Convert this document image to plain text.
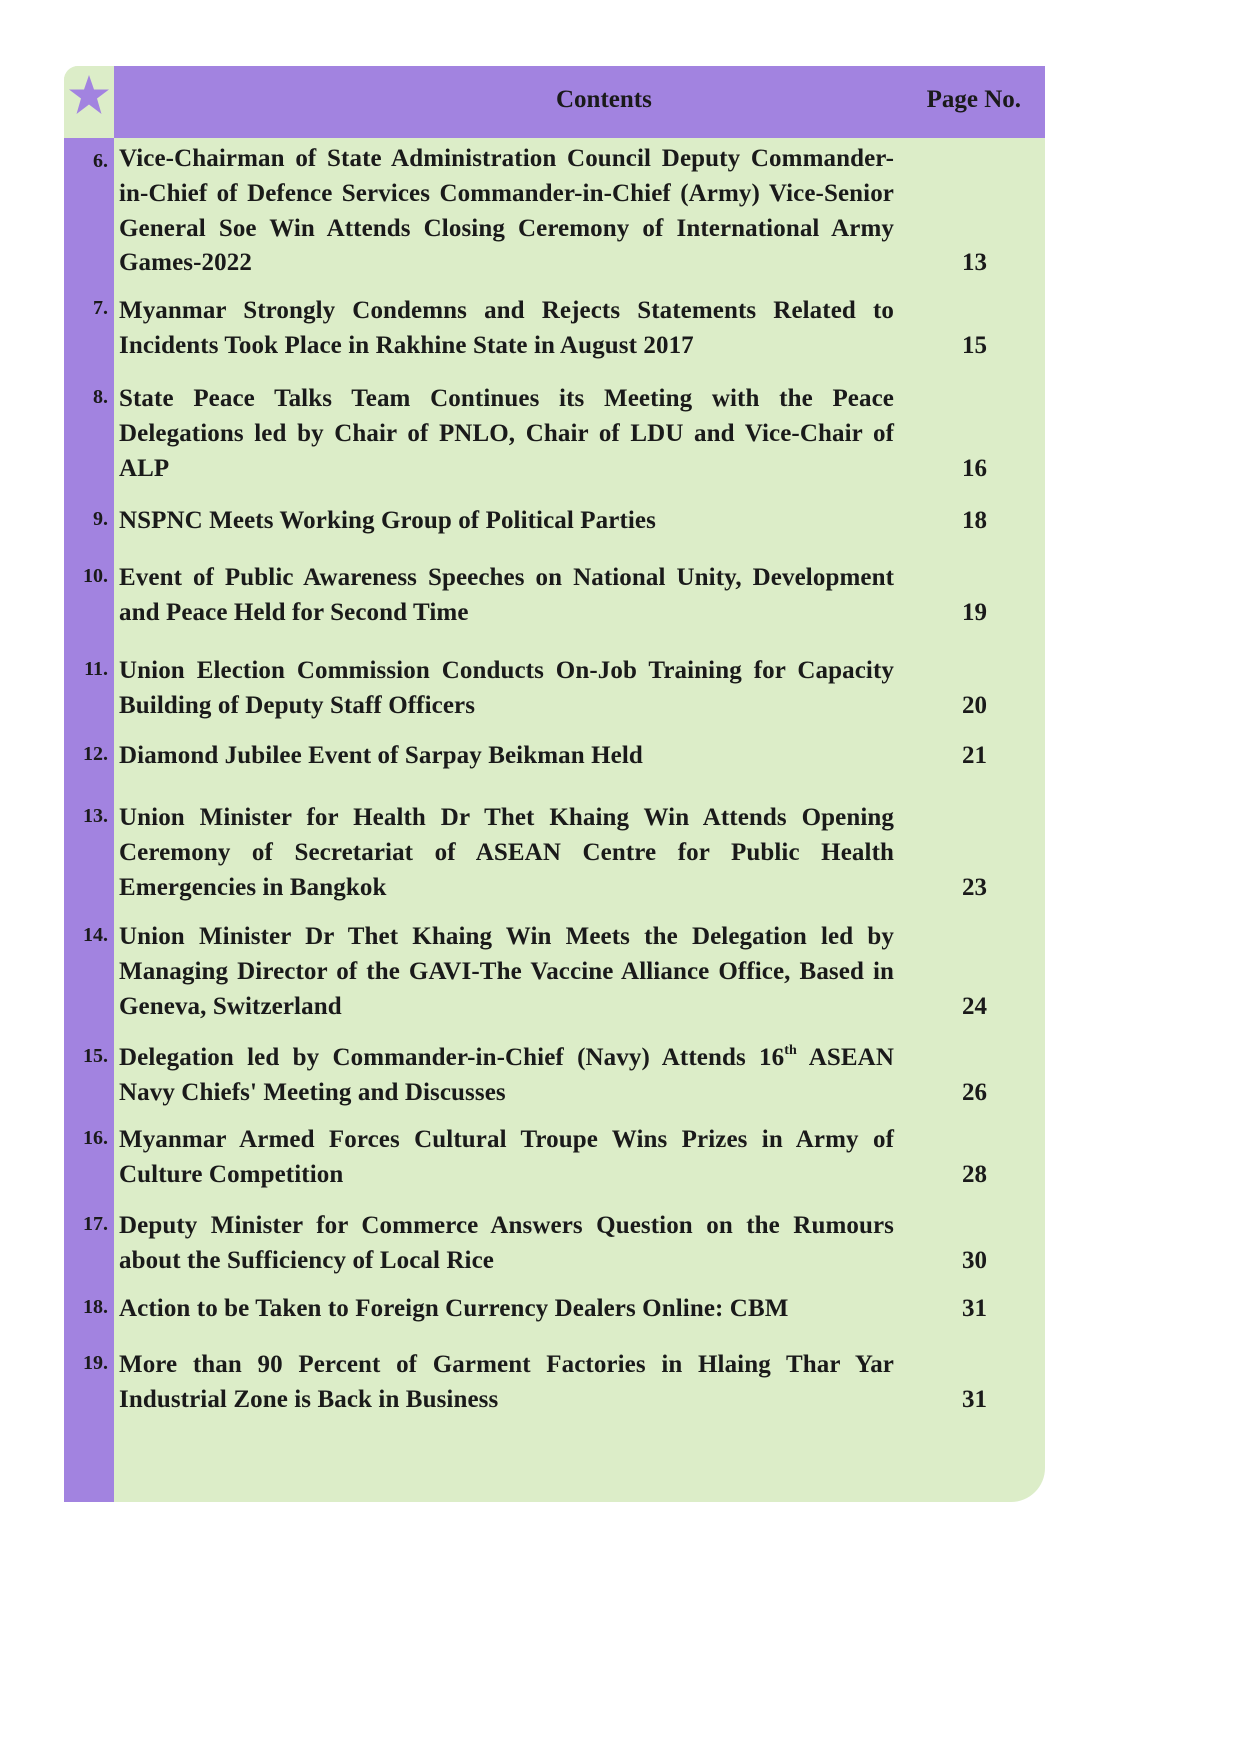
Contents	Page No.
6. Vice-Chairman of State Administration Council Deputy Commander-in-Chief of Defence Services Commander-in-Chief (Army) Vice-Senior General Soe Win Attends Closing Ceremony of International Army Games-2022	13
7. Myanmar Strongly Condemns and Rejects Statements Related to Incidents Took Place in Rakhine State in August 2017	15
8. State Peace Talks Team Continues its Meeting with the Peace Delegations led by Chair of PNLO, Chair of LDU and Vice-Chair of ALP	16
9. NSPNC Meets Working Group of Political Parties	18
10. Event of Public Awareness Speeches on National Unity, Development and Peace Held for Second Time	19
11. Union Election Commission Conducts On-Job Training for Capacity Building of Deputy Staff Officers	20
12. Diamond Jubilee Event of Sarpay Beikman Held	21
13. Union Minister for Health Dr Thet Khaing Win Attends Opening Ceremony of Secretariat of ASEAN Centre for Public Health Emergencies in Bangkok	23
14. Union Minister Dr Thet Khaing Win Meets the Delegation led by Managing Director of the GAVI-The Vaccine Alliance Office, Based in Geneva, Switzerland	24
15. Delegation led by Commander-in-Chief (Navy) Attends 16th ASEAN Navy Chiefs' Meeting and Discusses	26
16. Myanmar Armed Forces Cultural Troupe Wins Prizes in Army of Culture Competition	28
17. Deputy Minister for Commerce Answers Question on the Rumours about the Sufficiency of Local Rice	30
18. Action to be Taken to Foreign Currency Dealers Online: CBM	31
19. More than 90 Percent of Garment Factories in Hlaing Thar Yar Industrial Zone is Back in Business	31
